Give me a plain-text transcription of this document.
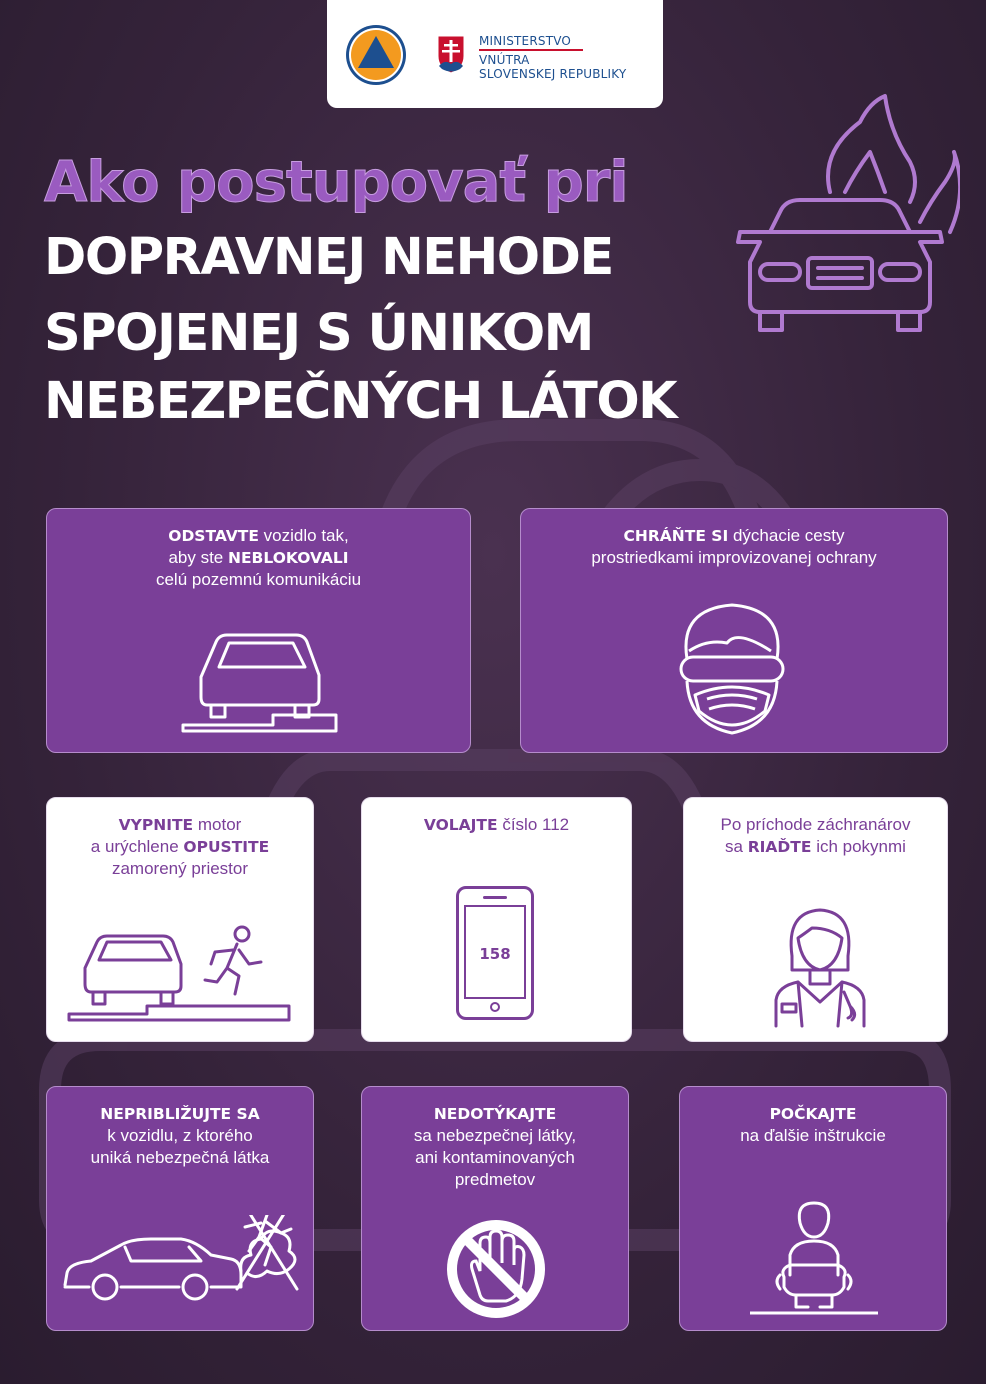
MINISTERSTVO
VNÚTRA
SLOVENSKEJ REPUBLIKY
Ako postupovať pri
DOPRAVNEJ NEHODE
SPOJENEJ S ÚNIKOM
NEBEZPEČNÝCH LÁTOK
ODSTAVTE vozidlo tak,
aby ste NEBLOKOVALI
celú pozemnú komunikáciu
CHRÁŇTE SI dýchacie cesty
prostriedkami improvizovanej ochrany
VYPNITE motor
a urýchlene OPUSTITE
zamorený priestor
VOLAJTE číslo 112
158
Po príchode záchranárov
sa RIAĎTE ich pokynmi
NEPRIBLIŽUJTE SA
k vozidlu, z ktorého
uniká nebezpečná látka
NEDOTÝKAJTE
sa nebezpečnej látky,
ani kontaminovaných
predmetov
POČKAJTE
na ďalšie inštrukcie
